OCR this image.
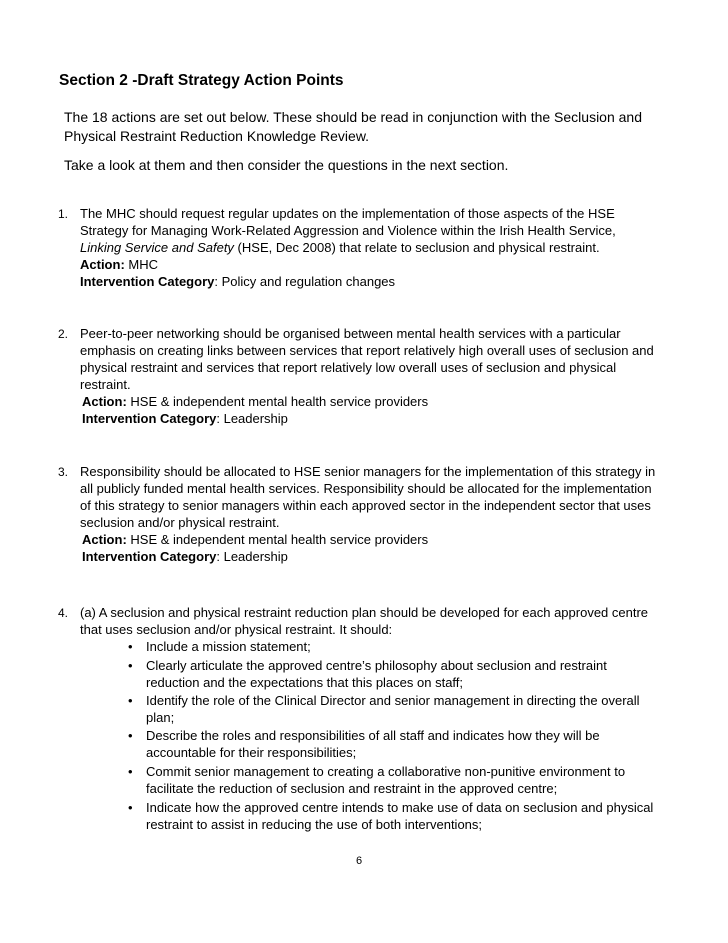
Section 2 -Draft Strategy Action Points
The 18 actions are set out below. These should be read in conjunction with the Seclusion and
Physical Restraint Reduction Knowledge Review.
Take a look at them and then consider the questions in the next section.
1. The MHC should request regular updates on the implementation of those aspects of the HSE
Strategy for Managing Work-Related Aggression and Violence within the Irish Health Service,
Linking Service and Safety (HSE, Dec 2008) that relate to seclusion and physical restraint.
Action: MHC
Intervention Category: Policy and regulation changes
2. Peer-to-peer networking should be organised between mental health services with a particular
emphasis on creating links between services that report relatively high overall uses of seclusion and
physical restraint and services that report relatively low overall uses of seclusion and physical
restraint.
Action: HSE & independent mental health service providers
Intervention Category: Leadership
3. Responsibility should be allocated to HSE senior managers for the implementation of this strategy in
all publicly funded mental health services. Responsibility should be allocated for the implementation
of this strategy to senior managers within each approved sector in the independent sector that uses
seclusion and/or physical restraint.
Action: HSE & independent mental health service providers
Intervention Category: Leadership
4. (a) A seclusion and physical restraint reduction plan should be developed for each approved centre
that uses seclusion and/or physical restraint. It should:
• Include a mission statement;
• Clearly articulate the approved centre’s philosophy about seclusion and restraint
reduction and the expectations that this places on staff;
• Identify the role of the Clinical Director and senior management in directing the overall
plan;
• Describe the roles and responsibilities of all staff and indicates how they will be
accountable for their responsibilities;
• Commit senior management to creating a collaborative non-punitive environment to
facilitate the reduction of seclusion and restraint in the approved centre;
• Indicate how the approved centre intends to make use of data on seclusion and physical
restraint to assist in reducing the use of both interventions;
6
